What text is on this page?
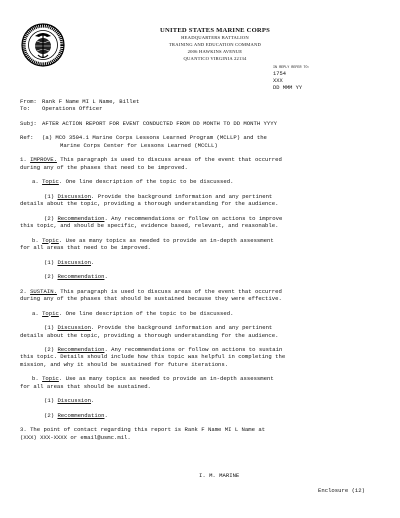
UNITED STATES MARINE CORPS
HEADQUARTERS BATTALION
TRAINING AND EDUCATION COMMAND
2006 HAWKINS AVENUE
QUANTICO VIRGINIA 22134
IN REPLY REFER TO:
1754
XXX
DD MMM YY
From: Rank F Name MI L Name, Billet
To: Operations Officer
Subj: AFTER ACTION REPORT FOR EVENT CONDUCTED FROM DD MONTH TO DD MONTH YYYY
Ref: (a) MCO 3504.1 Marine Corps Lessons Learned Program (MCLLP) and the
Marine Corps Center for Lessons Learned (MCCLL)
1. IMPROVE. This paragraph is used to discuss areas of the event that occurred
during any of the phases that need to be improved.
a. Topic. One line description of the topic to be discussed.
(1) Discussion. Provide the background information and any pertinent
details about the topic, providing a thorough understanding for the audience.
(2) Recommendation. Any recommendations or follow on actions to improve
this topic, and should be specific, evidence based, relevant, and reasonable.
b. Topic. Use as many topics as needed to provide an in-depth assessment
for all areas that need to be improved.
(1) Discussion.
(2) Recommendation.
2. SUSTAIN. This paragraph is used to discuss areas of the event that occurred
during any of the phases that should be sustained because they were effective.
a. Topic. One line description of the topic to be discussed.
(1) Discussion. Provide the background information and any pertinent
details about the topic, providing a thorough understanding for the audience.
(2) Recommendation. Any recommendations or follow on actions to sustain
this topic. Details should include how this topic was helpful in completing the
mission, and why it should be sustained for future iterations.
b. Topic. Use as many topics as needed to provide an in-depth assessment
for all areas that should be sustained.
(1) Discussion.
(2) Recommendation.
3. The point of contact regarding this report is Rank F Name MI L Name at
(XXX) XXX-XXXX or email@usmc.mil.
I. M. MARINE
Enclosure (12)
